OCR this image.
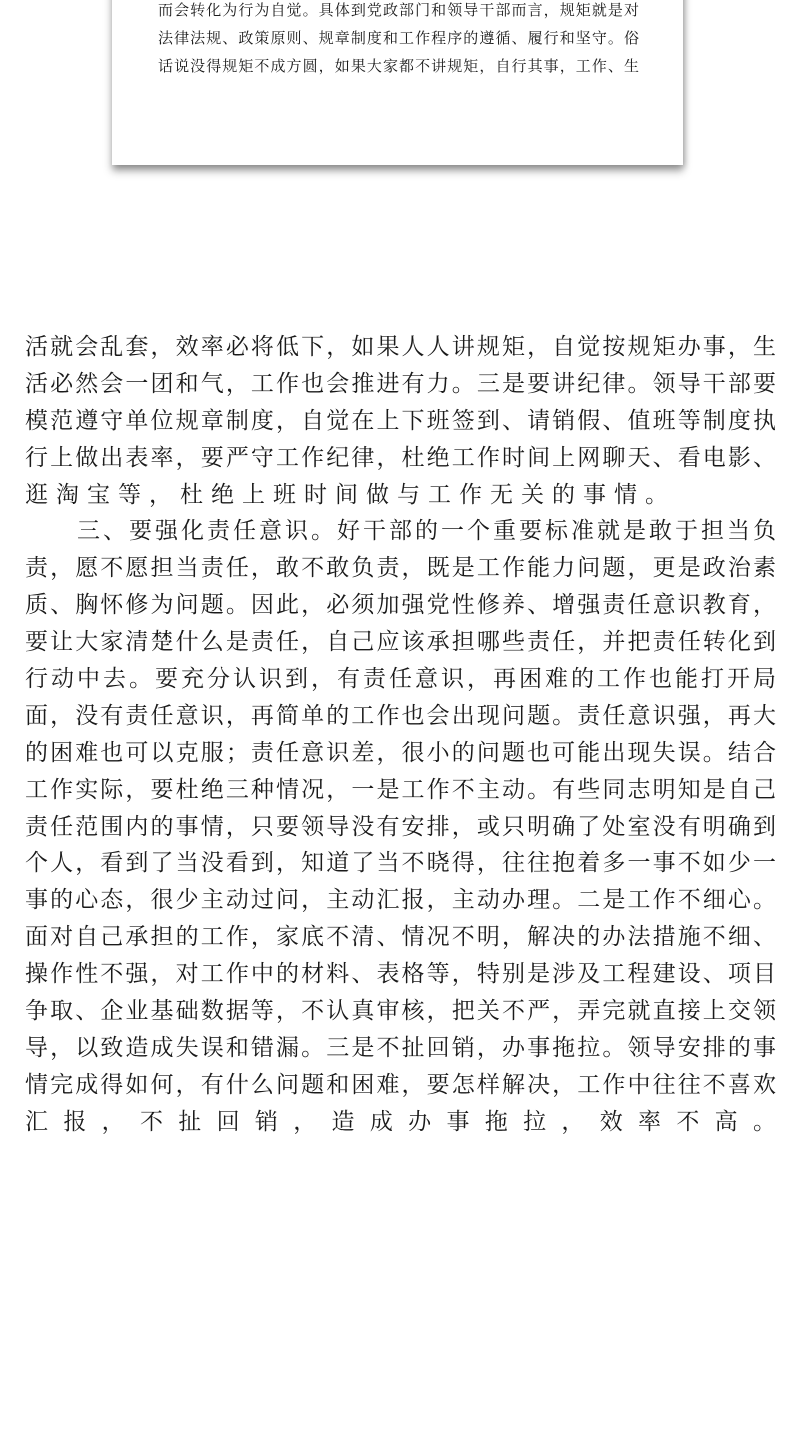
而会转化为行为自觉。具体到党政部门和领导干部而言，规矩就是对
法律法规、政策原则、规章制度和工作程序的遵循、履行和坚守。俗
话说没得规矩不成方圆，如果大家都不讲规矩，自行其事，工作、生
活就会乱套，效率必将低下，如果人人讲规矩，自觉按规矩办事，生
活必然会一团和气，工作也会推进有力。三是要讲纪律。领导干部要
模范遵守单位规章制度，自觉在上下班签到、请销假、值班等制度执
行上做出表率，要严守工作纪律，杜绝工作时间上网聊天、看电影、
逛淘宝等，杜绝上班时间做与工作无关的事情。
　　三、要强化责任意识。好干部的一个重要标准就是敢于担当负
责，愿不愿担当责任，敢不敢负责，既是工作能力问题，更是政治素
质、胸怀修为问题。因此，必须加强党性修养、增强责任意识教育，
要让大家清楚什么是责任，自己应该承担哪些责任，并把责任转化到
行动中去。要充分认识到，有责任意识，再困难的工作也能打开局
面，没有责任意识，再简单的工作也会出现问题。责任意识强，再大
的困难也可以克服；责任意识差，很小的问题也可能出现失误。结合
工作实际，要杜绝三种情况，一是工作不主动。有些同志明知是自己
责任范围内的事情，只要领导没有安排，或只明确了处室没有明确到
个人，看到了当没看到，知道了当不晓得，往往抱着多一事不如少一
事的心态，很少主动过问，主动汇报，主动办理。二是工作不细心。
面对自己承担的工作，家底不清、情况不明，解决的办法措施不细、
操作性不强，对工作中的材料、表格等，特别是涉及工程建设、项目
争取、企业基础数据等，不认真审核，把关不严，弄完就直接上交领
导，以致造成失误和错漏。三是不扯回销，办事拖拉。领导安排的事
情完成得如何，有什么问题和困难，要怎样解决，工作中往往不喜欢
汇报，不扯回销，造成办事拖拉，效率不高。
